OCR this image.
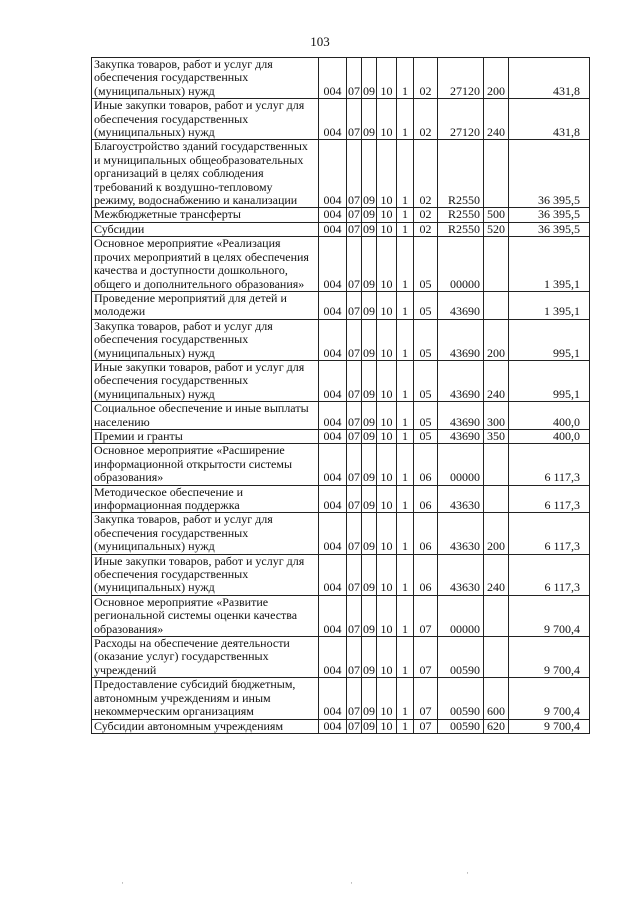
103
Закупка товаров, работ и услуг для обеспечения государственных (муниципальных) нужд	004	07	09	10	1	02	27120	200	431,8
Иные закупки товаров, работ и услуг для обеспечения государственных (муниципальных) нужд	004	07	09	10	1	02	27120	240	431,8
Благоустройство зданий государственных и муниципальных общеобразовательных организаций в целях соблюдения требований к воздушно-тепловому режиму, водоснабжению и канализации	004	07	09	10	1	02	R2550		36 395,5
Межбюджетные трансферты	004	07	09	10	1	02	R2550	500	36 395,5
Субсидии	004	07	09	10	1	02	R2550	520	36 395,5
Основное мероприятие «Реализация прочих мероприятий в целях обеспечения качества и доступности дошкольного, общего и дополнительного образования»	004	07	09	10	1	05	00000		1 395,1
Проведение мероприятий для детей и молодежи	004	07	09	10	1	05	43690		1 395,1
Закупка товаров, работ и услуг для обеспечения государственных (муниципальных) нужд	004	07	09	10	1	05	43690	200	995,1
Иные закупки товаров, работ и услуг для обеспечения государственных (муниципальных) нужд	004	07	09	10	1	05	43690	240	995,1
Социальное обеспечение и иные выплаты населению	004	07	09	10	1	05	43690	300	400,0
Премии и гранты	004	07	09	10	1	05	43690	350	400,0
Основное мероприятие «Расширение информационной открытости системы образования»	004	07	09	10	1	06	00000		6 117,3
Методическое обеспечение и информационная поддержка	004	07	09	10	1	06	43630		6 117,3
Закупка товаров, работ и услуг для обеспечения государственных (муниципальных) нужд	004	07	09	10	1	06	43630	200	6 117,3
Иные закупки товаров, работ и услуг для обеспечения государственных (муниципальных) нужд	004	07	09	10	1	06	43630	240	6 117,3
Основное мероприятие «Развитие региональной системы оценки качества образования»	004	07	09	10	1	07	00000		9 700,4
Расходы на обеспечение деятельности (оказание услуг) государственных учреждений	004	07	09	10	1	07	00590		9 700,4
Предоставление субсидий бюджетным, автономным учреждениям и иным некоммерческим организациям	004	07	09	10	1	07	00590	600	9 700,4
Субсидии автономным учреждениям	004	07	09	10	1	07	00590	620	9 700,4
·	·
·
